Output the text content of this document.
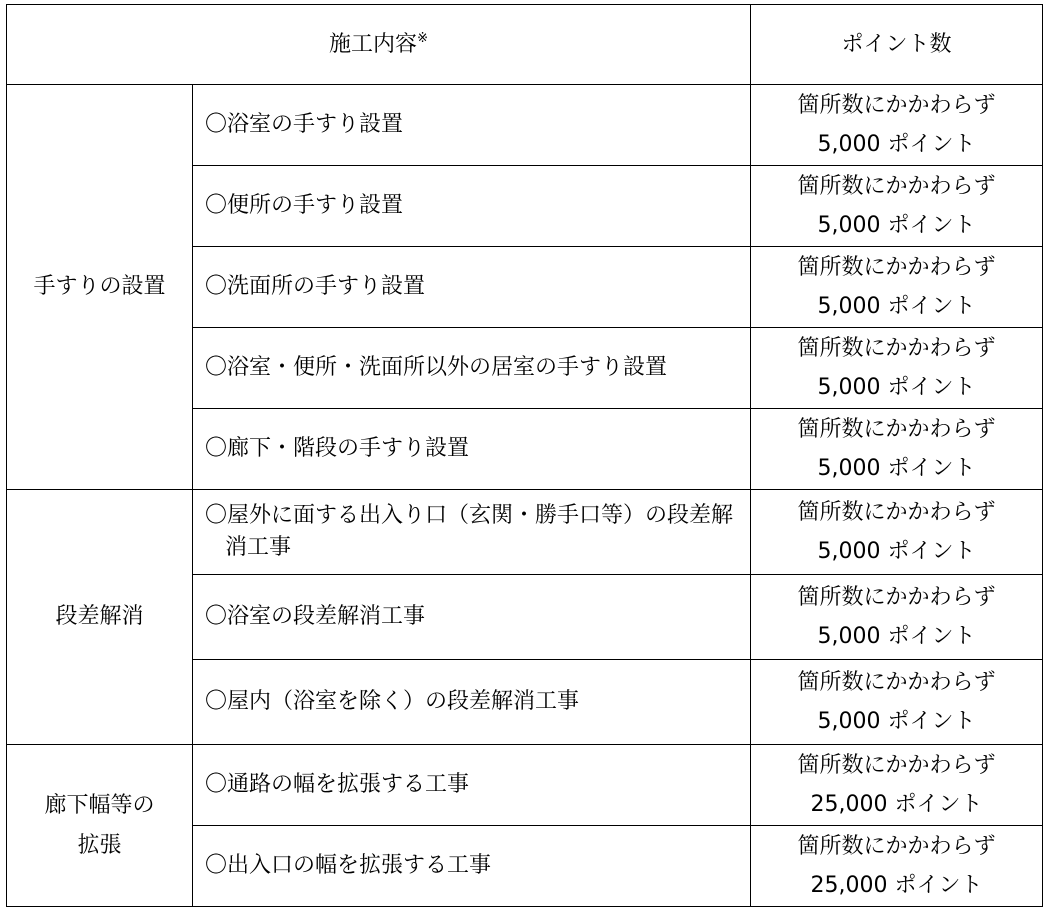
施工内容※		ポイント数
手すりの設置	〇浴室の手すり設置	箇所数にかかわらず
5,000 ポイント

	〇便所の手すり設置	箇所数にかかわらず
5,000 ポイント

	〇洗面所の手すり設置	箇所数にかかわらず
5,000 ポイント

	〇浴室・便所・洗面所以外の居室の手すり設置	箇所数にかかわらず
5,000 ポイント

	〇廊下・階段の手すり設置	箇所数にかかわらず
5,000 ポイント

段差解消	〇屋外に面する出入り口（玄関・勝手口等）の段差解消工事	箇所数にかかわらず
5,000 ポイント

	〇浴室の段差解消工事	箇所数にかかわらず
5,000 ポイント

	〇屋内（浴室を除く）の段差解消工事	箇所数にかかわらず
5,000 ポイント

廊下幅等の
拡張	〇通路の幅を拡張する工事	箇所数にかかわらず
25,000 ポイント

	〇出入口の幅を拡張する工事	箇所数にかかわらず
25,000 ポイント
